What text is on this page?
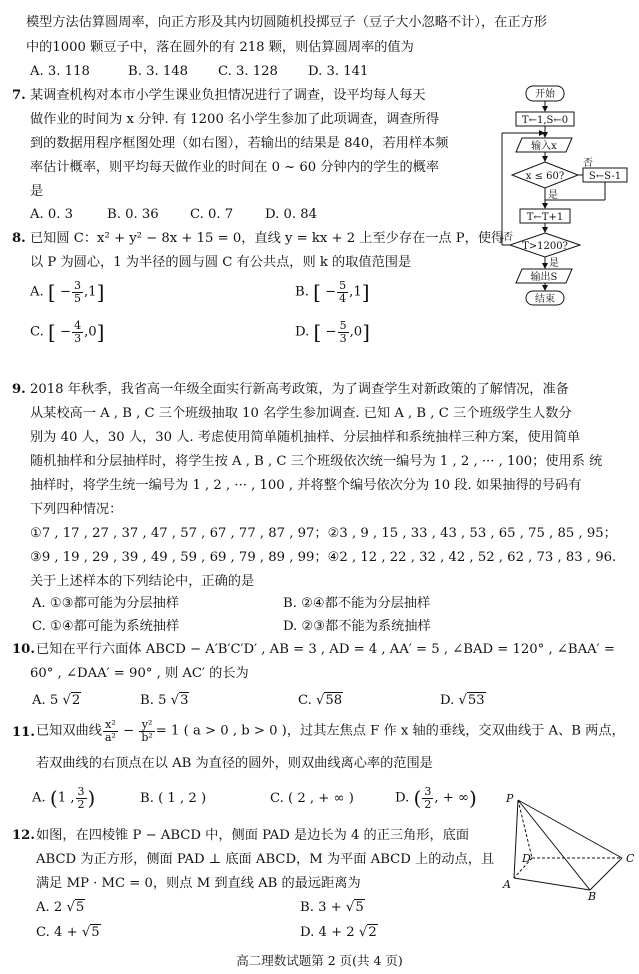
模型方法估算圆周率，向正方形及其内切圆随机投掷豆子（豆子大小忽略不计），在正方形
中的1000 颗豆子中，落在圆外的有 218 颗，则估算圆周率的值为
A. 3. 118	B. 3. 148 C. 3. 128 D. 3. 141
7. 某调查机构对本市小学生课业负担情况进行了调查，设平均每人每天
做作业的时间为 x 分钟. 有 1200 名小学生参加了此项调查，调查所得
到的数据用程序框图处理（如右图），若输出的结果是 840，若用样本频
率估计概率，则平均每天做作业的时间在 0 ~ 60 分钟内的学生的概率
是
A. 0. 3	B. 0. 36 C. 0. 7 D. 0. 84
开始
T←1,S←0
输入x
x ≤ 60?
否
S←S-1
是
T←T+1
T>1200?
否
是
输出S
结束
8. 已知圆 C：x² + y² − 8x + 15 = 0，直线 y = kx + 2 上至少存在一点 P，使得
以 P 为圆心，1 为半径的圆与圆 C 有公共点，则 k 的取值范围是
A. [ − $\frac{3}{5} ,1$]	B. [ − $\frac{5}{4} ,1$]
C. [ − $\frac{4}{3} ,0$]	D. [ − $\frac{5}{3} ,0$]
9. 2018 年秋季，我省高一年级全面实行新高考政策，为了调查学生对新政策的了解情况，准备
从某校高一 A , B , C 三个班级抽取 10 名学生参加调查. 已知 A , B , C 三个班级学生人数分
别为 40 人，30 人，30 人. 考虑使用简单随机抽样、分层抽样和系统抽样三种方案，使用简单
随机抽样和分层抽样时，将学生按 A , B , C 三个班级依次统一编号为 1 , 2 , ··· , 100；使用系 统
抽样时，将学生统一编号为 1 , 2 , ··· , 100 , 并将整个编号依次分为 10 段. 如果抽得的号码有
下列四种情况：
①7 , 17 , 27 , 37 , 47 , 57 , 67 , 77 , 87 , 97；②3 , 9 , 15 , 33 , 43 , 53 , 65 , 75 , 85 , 95；
③9 , 19 , 29 , 39 , 49 , 59 , 69 , 79 , 89 , 99；④2 , 12 , 22 , 32 , 42 , 52 , 62 , 73 , 83 , 96.
关于上述样本的下列结论中，正确的是
A. ①③都可能为分层抽样	B. ②④都不能为分层抽样
C. ①④都可能为系统抽样	D. ②③都不能为系统抽样
10. 已知在平行六面体 ABCD − A′B′C′D′ , AB = 3 , AD = 4 , AA′ = 5 , ∠BAD = 120° , ∠BAA′ =
60° , ∠DAA′ = 90° , 则 AC′ 的长为
A. 5 √2	B. 5 √3	C. √58	D. √53
11. 已知双曲线 $\frac{\text{x²}}{\text{a²}} - \frac{\text{y²}}{\text{b²}} = 1$ ( a > 0 , b > 0 )，过其左焦点 F 作 x 轴的垂线，交双曲线于 A、B 两点，
若双曲线的右顶点在以 AB 为直径的圆外，则双曲线离心率的范围是
A. (1 , $\frac{3}{2}$ )	B. ( 1 , 2 )	C. ( 2 , + ∞ )	D. ( $\frac{3}{2}$ , + ∞)
12. 如图，在四棱锥 P − ABCD 中，侧面 PAD 是边长为 4 的正三角形，底面
ABCD 为正方形，侧面 PAD ⊥ 底面 ABCD，M 为平面 ABCD 上的动点，且
满足 MP · MC = 0，则点 M 到直线 AB 的最远距离为
A. 2 √5	B. 3 + √5
C. 4 + √5	D. 4 + 2 √2
P
D	C
A
B
高二理数试题第 2 页(共 4 页)
